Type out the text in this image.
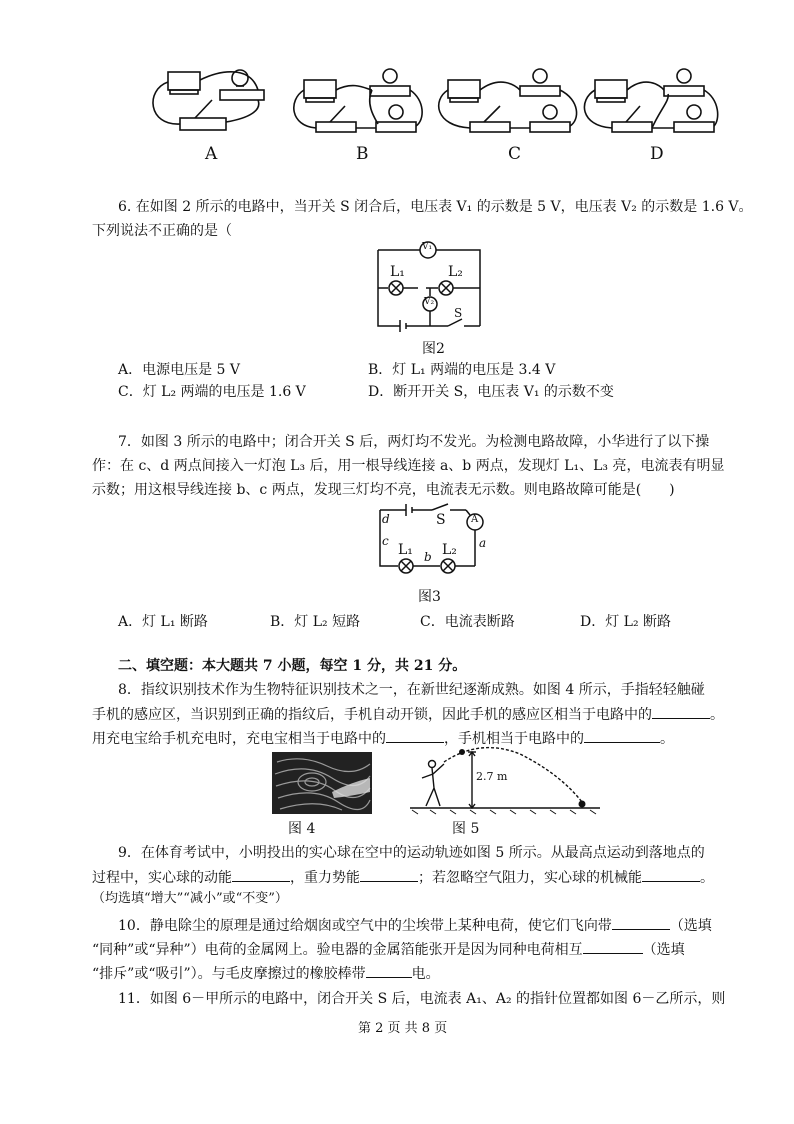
A	B	C	D
6. 在如图 2 所示的电路中，当开关 S 闭合后，电压表 V₁ 的示数是 5 V，电压表 V₂ 的示数是 1.6 V。
下列说法不正确的是（
V₁
L₁	L₂
V₂
S
图2
A．电源电压是 5 V	B．灯 L₁ 两端的电压是 3.4 V
C．灯 L₂ 两端的电压是 1.6 V	D．断开开关 S，电压表 V₁ 的示数不变
7．如图 3 所示的电路中；闭合开关 S 后，两灯均不发光。为检测电路故障，小华进行了以下操
作：在 c、d 两点间接入一灯泡 L₃ 后，用一根导线连接 a、b 两点，发现灯 L₁、L₃ 亮，电流表有明显
示数；用这根导线连接 b、c 两点，发现三灯均不亮，电流表无示数。则电路故障可能是(　　)
d
c
S	A
a
L₁ b L₂
图3
A．灯 L₁ 断路	B．灯 L₂ 短路	C．电流表断路	D．灯 L₂ 断路
二、填空题：本大题共 7 小题，每空 1 分，共 21 分。
8．指纹识别技术作为生物特征识别技术之一，在新世纪逐渐成熟。如图 4 所示，手指轻轻触碰
手机的感应区，当识别到正确的指纹后，手机自动开锁，因此手机的感应区相当于电路中的	。
用充电宝给手机充电时，充电宝相当于电路中的	，手机相当于电路中的	。
图 4
2.7 m
图 5
9．在体育考试中，小明投出的实心球在空中的运动轨迹如图 5 所示。从最高点运动到落地点的
过程中，实心球的动能	，重力势能	；若忽略空气阻力，实心球的机械能	。
（均选填“增大”“减小”或“不变”）
10．静电除尘的原理是通过给烟囱或空气中的尘埃带上某种电荷，使它们飞向带	（选填
“同种”或“异种”）电荷的金属网上。验电器的金属箔能张开是因为同种电荷相互	（选填
“排斥”或“吸引”）。与毛皮摩擦过的橡胶棒带	电。
11．如图 6－甲所示的电路中，闭合开关 S 后，电流表 A₁、A₂ 的指针位置都如图 6－乙所示，则
第 2 页 共 8 页
